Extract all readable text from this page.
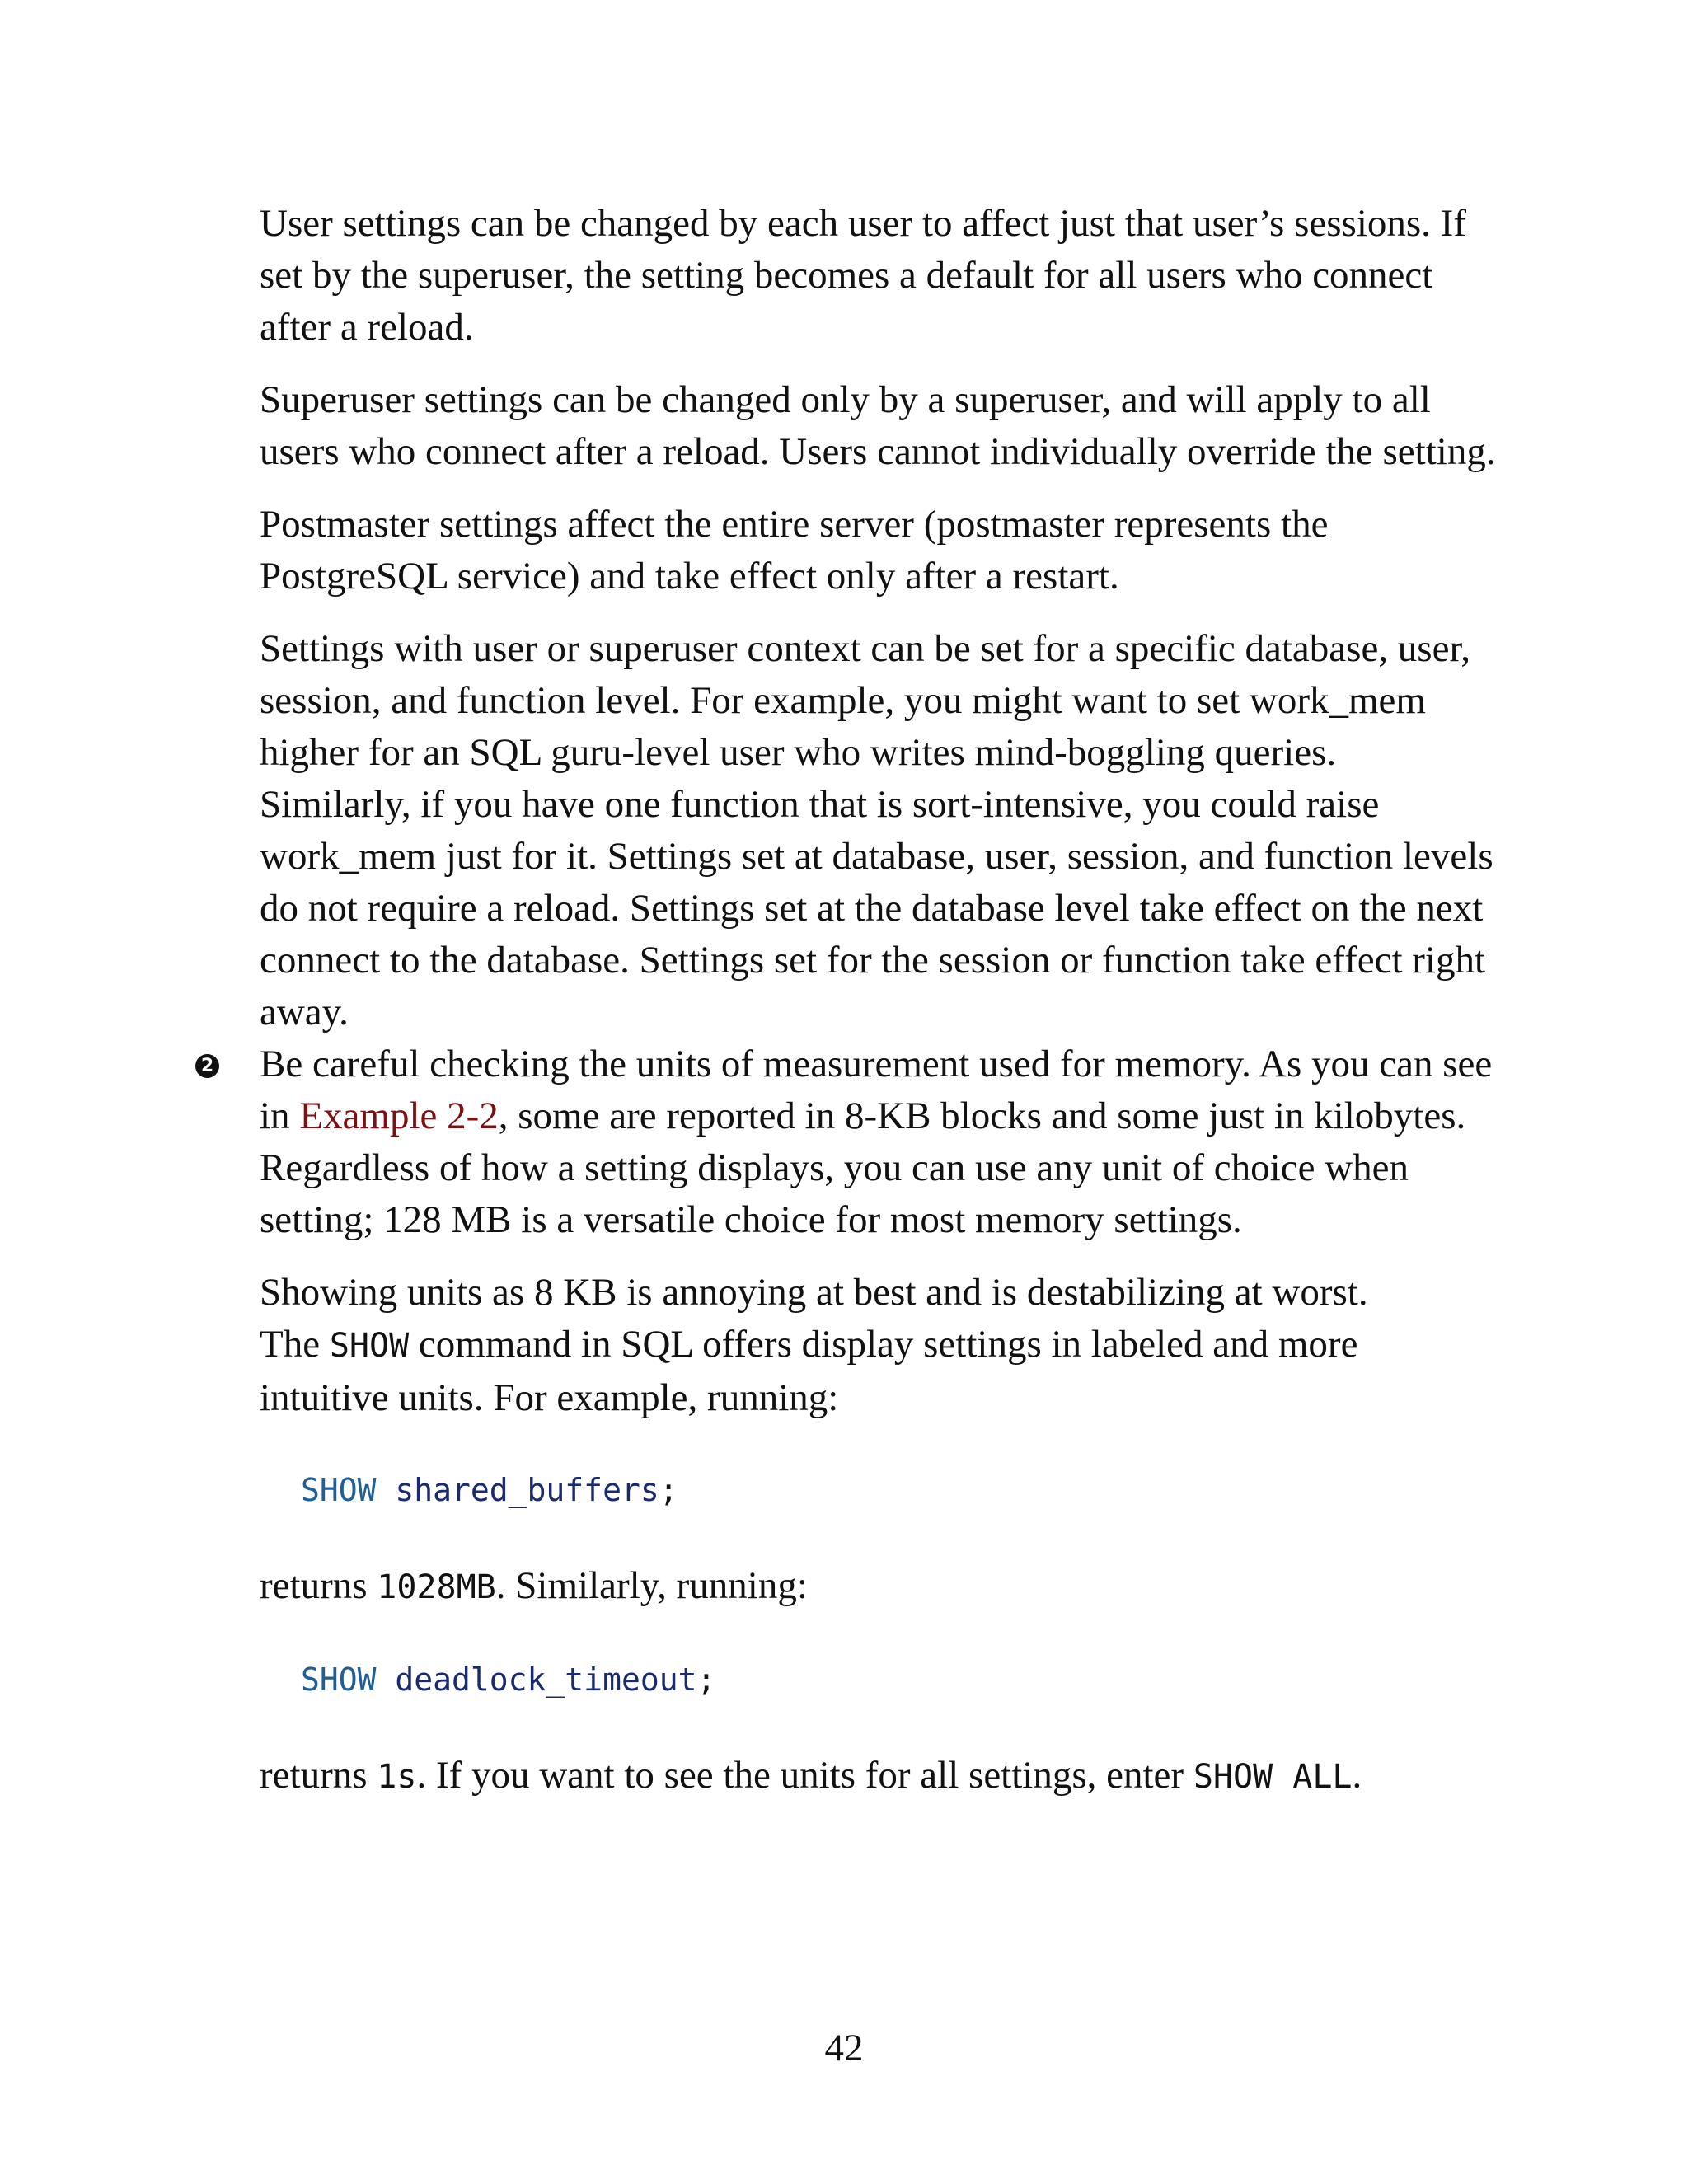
User settings can be changed by each user to affect just that user’s sessions. If set by the superuser, the setting becomes a default for all users who connect after a reload.

Superuser settings can be changed only by a superuser, and will apply to all users who connect after a reload. Users cannot individually override the setting.

Postmaster settings affect the entire server (postmaster represents the PostgreSQL service) and take effect only after a restart.

Settings with user or superuser context can be set for a specific database, user, session, and function level. For example, you might want to set work_mem higher for an SQL guru-level user who writes mind-boggling queries. Similarly, if you have one function that is sort-intensive, you could raise work_mem just for it. Settings set at database, user, session, and function levels do not require a reload. Settings set at the database level take effect on the next connect to the database. Settings set for the session or function take effect right away.

2 Be careful checking the units of measurement used for memory. As you can see in Example 2-2, some are reported in 8-KB blocks and some just in kilobytes. Regardless of how a setting displays, you can use any unit of choice when setting; 128 MB is a versatile choice for most memory settings.

Showing units as 8 KB is annoying at best and is destabilizing at worst.
The SHOW command in SQL offers display settings in labeled and more intuitive units. For example, running:

SHOW shared_buffers;

returns 1028MB. Similarly, running:

SHOW deadlock_timeout;

returns 1s. If you want to see the units for all settings, enter SHOW ALL.

42
